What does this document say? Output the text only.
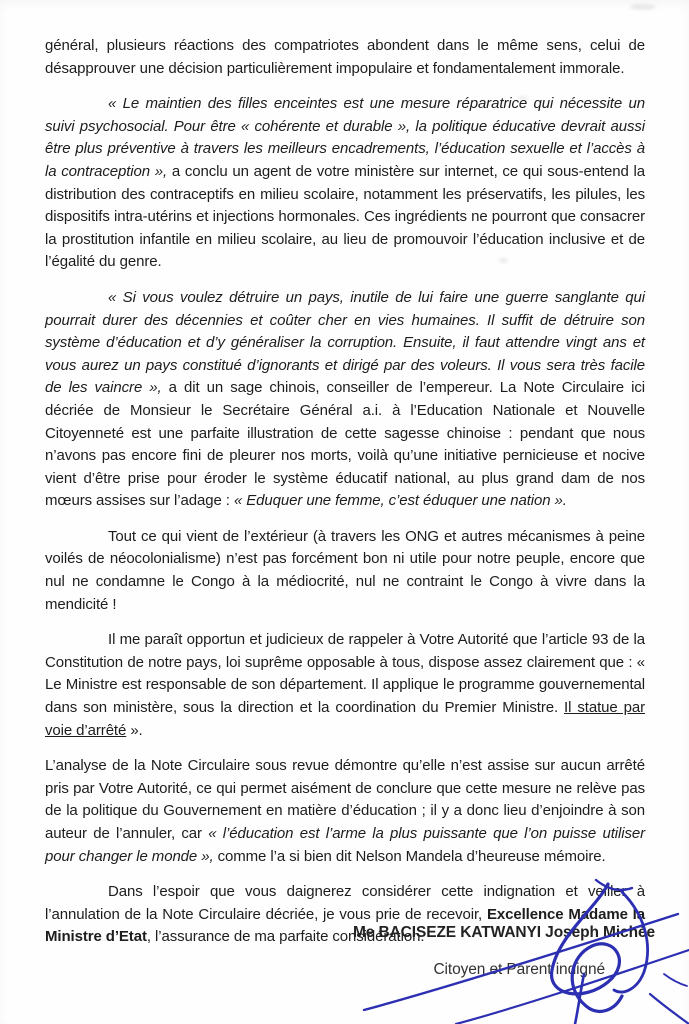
général, plusieurs réactions des compatriotes abondent dans le même sens, celui de désapprouver une décision particulièrement impopulaire et fondamentalement immorale.

« Le maintien des filles enceintes est une mesure réparatrice qui nécessite un suivi psychosocial. Pour être « cohérente et durable », la politique éducative devrait aussi être plus préventive à travers les meilleurs encadrements, l’éducation sexuelle et l’accès à la contraception », a conclu un agent de votre ministère sur internet, ce qui sous-entend la distribution des contraceptifs en milieu scolaire, notamment les préservatifs, les pilules, les dispositifs intra-utérins et injections hormonales. Ces ingrédients ne pourront que consacrer la prostitution infantile en milieu scolaire, au lieu de promouvoir l’éducation inclusive et de l’égalité du genre.

« Si vous voulez détruire un pays, inutile de lui faire une guerre sanglante qui pourrait durer des décennies et coûter cher en vies humaines. Il suffit de détruire son système d’éducation et d’y généraliser la corruption. Ensuite, il faut attendre vingt ans et vous aurez un pays constitué d’ignorants et dirigé par des voleurs. Il vous sera très facile de les vaincre », a dit un sage chinois, conseiller de l’empereur. La Note Circulaire ici décriée de Monsieur le Secrétaire Général a.i. à l’Education Nationale et Nouvelle Citoyenneté est une parfaite illustration de cette sagesse chinoise : pendant que nous n’avons pas encore fini de pleurer nos morts, voilà qu’une initiative pernicieuse et nocive vient d’être prise pour éroder le système éducatif national, au plus grand dam de nos mœurs assises sur l’adage : « Eduquer une femme, c’est éduquer une nation ».

Tout ce qui vient de l’extérieur (à travers les ONG et autres mécanismes à peine voilés de néocolonialisme) n’est pas forcément bon ni utile pour notre peuple, encore que nul ne condamne le Congo à la médiocrité, nul ne contraint le Congo à vivre dans la mendicité !

Il me paraît opportun et judicieux de rappeler à Votre Autorité que l’article 93 de la Constitution de notre pays, loi suprême opposable à tous, dispose assez clairement que : « Le Ministre est responsable de son département. Il applique le programme gouvernemental dans son ministère, sous la direction et la coordination du Premier Ministre. Il statue par voie d’arrêté ».

L’analyse de la Note Circulaire sous revue démontre qu’elle n’est assise sur aucun arrêté pris par Votre Autorité, ce qui permet aisément de conclure que cette mesure ne relève pas de la politique du Gouvernement en matière d’éducation ; il y a donc lieu d’enjoindre à son auteur de l’annuler, car « l’éducation est l’arme la plus puissante que l’on puisse utiliser pour changer le monde », comme l’a si bien dit Nelson Mandela d’heureuse mémoire.

Dans l’espoir que vous daignerez considérer cette indignation et veiller à l’annulation de la Note Circulaire décriée, je vous prie de recevoir, Excellence Madame la Ministre d’Etat, l’assurance de ma parfaite considération.

Me BACISEZE KATWANYI Joseph Michée
Citoyen et Parent indigné
